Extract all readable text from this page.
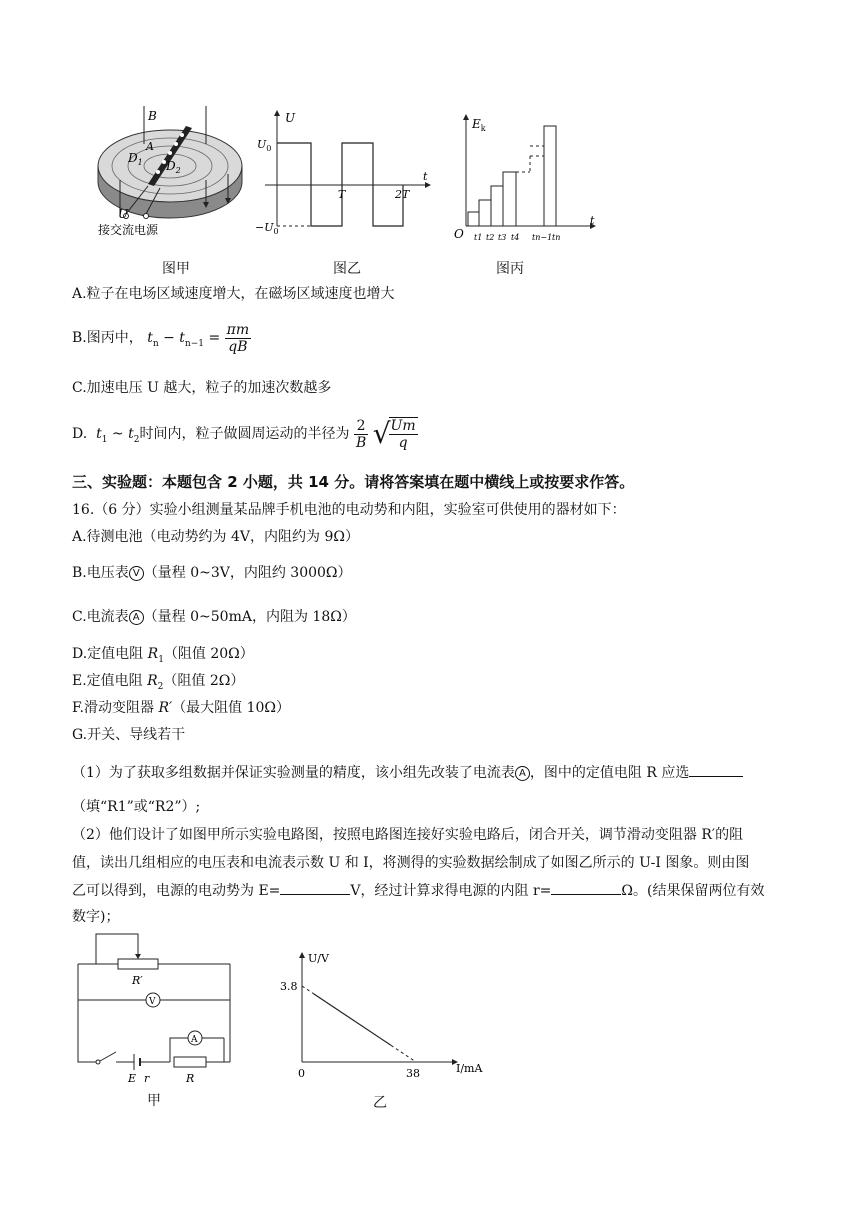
B
A
$D_1$ $D_2$
U
接交流电源
图甲
U
$U_0$
$-U_0$
T	2T
t
图乙
$E_k$
O
t
t1 t2 t3 t4 tn−1 tn
图丙
A.粒子在电场区域速度增大，在磁场区域速度也增大
B.图丙中， $t_n - t_{n-1} = \frac{\pi m}{qB}$
C.加速电压 U 越大，粒子的加速次数越多
D. $t_1$ ~ $t_2$时间内，粒子做圆周运动的半径为 $\frac{2}{B}$ √
$\frac{Um}{q}$
三、实验题：本题包含 2 小题，共 14 分。请将答案填在题中横线上或按要求作答。
16.（6 分）实验小组测量某品牌手机电池的电动势和内阻，实验室可供使用的器材如下：
A.待测电池（电动势约为 4V，内阻约为 9Ω）
B.电压表 V （量程 0~3V，内阻约 3000Ω）
C.电流表 A （量程 0~50mA，内阻为 18Ω）
D.定值电阻 $R_1$（阻值 20Ω）
E.定值电阻 $R_2$（阻值 2Ω）
F.滑动变阻器 R′（最大阻值 10Ω）
G.开关、导线若干
（1）为了获取多组数据并保证实验测量的精度，该小组先改装了电流表 A ，图中的定值电阻 R 应选
（填“R1”或“R2”）;
（2）他们设计了如图甲所示实验电路图，按照电路图连接好实验电路后，闭合开关，调节滑动变阻器 R′的阻
值，读出几组相应的电压表和电流表示数 U 和 I，将测得的实验数据绘制成了如图乙所示的 U-I 图象。则由图
乙可以得到，电源的电动势为 E=	V，经过计算求得电源的内阻 r=	Ω。(结果保留两位有效
数字)；
R′
V
A
E r	R
甲
U/V
I/mA
0
3.8
38
乙
